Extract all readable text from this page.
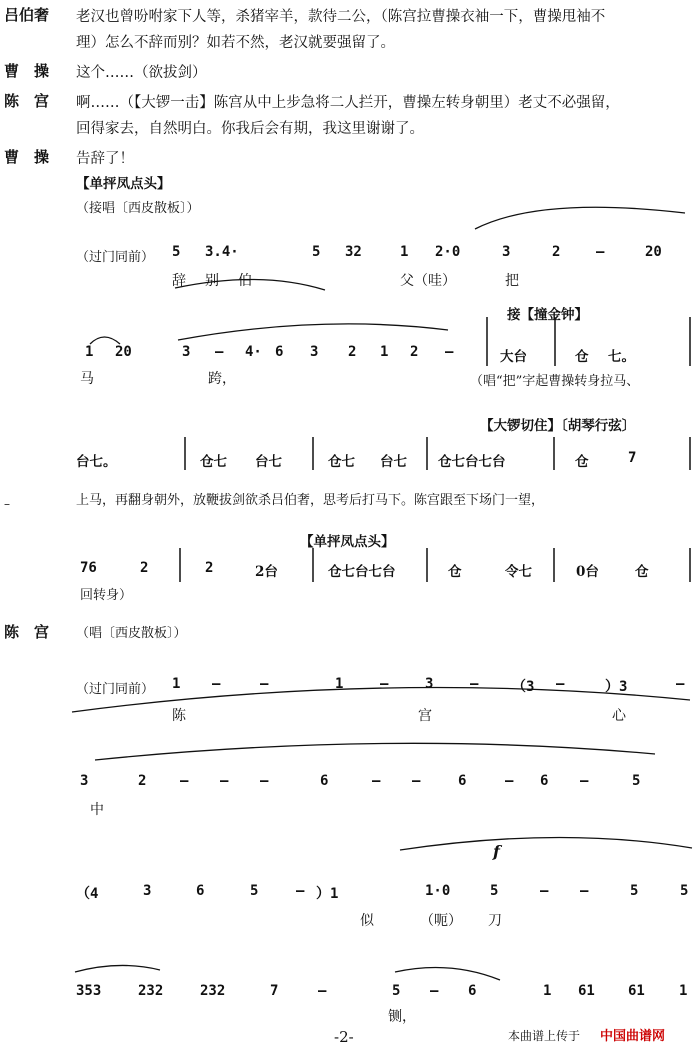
吕伯奢 老汉也曾吩咐家下人等，杀猪宰羊，款待二公，（陈宫拉曹操衣袖一下，曹操甩袖不
理）怎么不辞而别？如若不然，老汉就要强留了。
曹　操 这个……（欲拔剑）
陈　宫 啊……（【大锣一击】陈宫从中上步急将二人拦开，曹操左转身朝里）老丈不必强留，
回得家去，自然明白。你我后会有期，我这里谢谢了。
曹　操 告辞了！
【单抨凤点头】
（接唱〔西皮散板〕）
（过门同前） 5 3.4·	5 32	1 2·0	3	2	–	20
辞 别 伯	父（哇）	把
接【撞金钟】
1 20	3 – 4· 6 3 2 1 2 –	大台	仓 七。
马	跨，	（唱“把”字起曹操转身拉马、
【大锣切住】〔胡琴行弦〕
台七。	仓七 台七	仓七 台七 仓七台七台	仓	7
上马，再翻身朝外，放鞭拔剑欲杀吕伯奢，思考后打马下。陈宫跟至下场门一望，
【单抨凤点头】
76	2	2	2台	仓七台七台	仓	令七	0台	仓
回转身）
陈　宫 （唱〔西皮散板〕）
（过门同前） 1 –	–	1	–	3	– （3 –	）3	–
陈	宫	心
3	2 – – –	–
6	–	6	– 6 –	5
中
f
（4	3	6	5	– ）1	1·0	5	– –	5	5
似	（呃） 刀
353	232	232	7	–	5 – 6	1 61 61 1
铡，
–
-2-	本曲谱上传于 中国曲谱网
